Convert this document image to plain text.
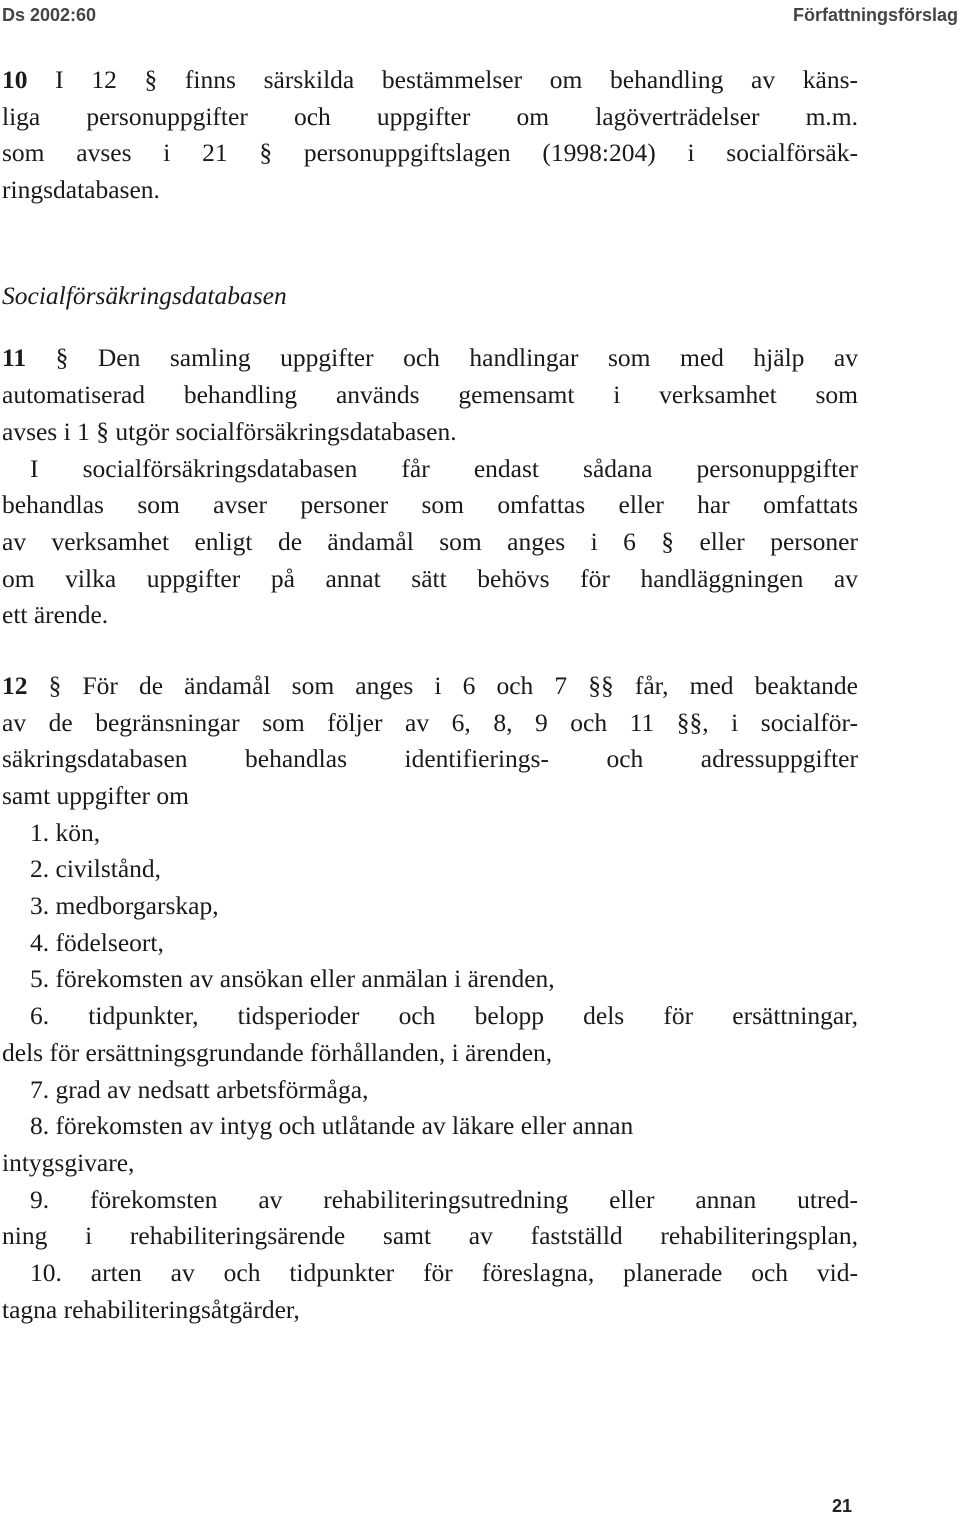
Ds 2002:60	Författningsförslag
10 I 12 § finns särskilda bestämmelser om behandling av käns-
liga personuppgifter och uppgifter om lagöverträdelser m.m.
som avses i 21 § personuppgiftslagen (1998:204) i socialförsäk-
ringsdatabasen.
Socialförsäkringsdatabasen
11 § Den samling uppgifter och handlingar som med hjälp av
automatiserad behandling används gemensamt i verksamhet som
avses i 1 § utgör socialförsäkringsdatabasen.
I socialförsäkringsdatabasen får endast sådana personuppgifter
behandlas som avser personer som omfattas eller har omfattats
av verksamhet enligt de ändamål som anges i 6 § eller personer
om vilka uppgifter på annat sätt behövs för handläggningen av
ett ärende.
12 § För de ändamål som anges i 6 och 7 §§ får, med beaktande
av de begränsningar som följer av 6, 8, 9 och 11 §§, i socialför-
säkringsdatabasen behandlas identifierings- och adressuppgifter
samt uppgifter om
1. kön,
2. civilstånd,
3. medborgarskap,
4. födelseort,
5. förekomsten av ansökan eller anmälan i ärenden,
6. tidpunkter, tidsperioder och belopp dels för ersättningar,
dels för ersättningsgrundande förhållanden, i ärenden,
7. grad av nedsatt arbetsförmåga,
8. förekomsten av intyg och utlåtande av läkare eller annan
intygsgivare,
9. förekomsten av rehabiliteringsutredning eller annan utred-
ning i rehabiliteringsärende samt av fastställd rehabiliteringsplan,
10. arten av och tidpunkter för föreslagna, planerade och vid-
tagna rehabiliteringsåtgärder,
21
